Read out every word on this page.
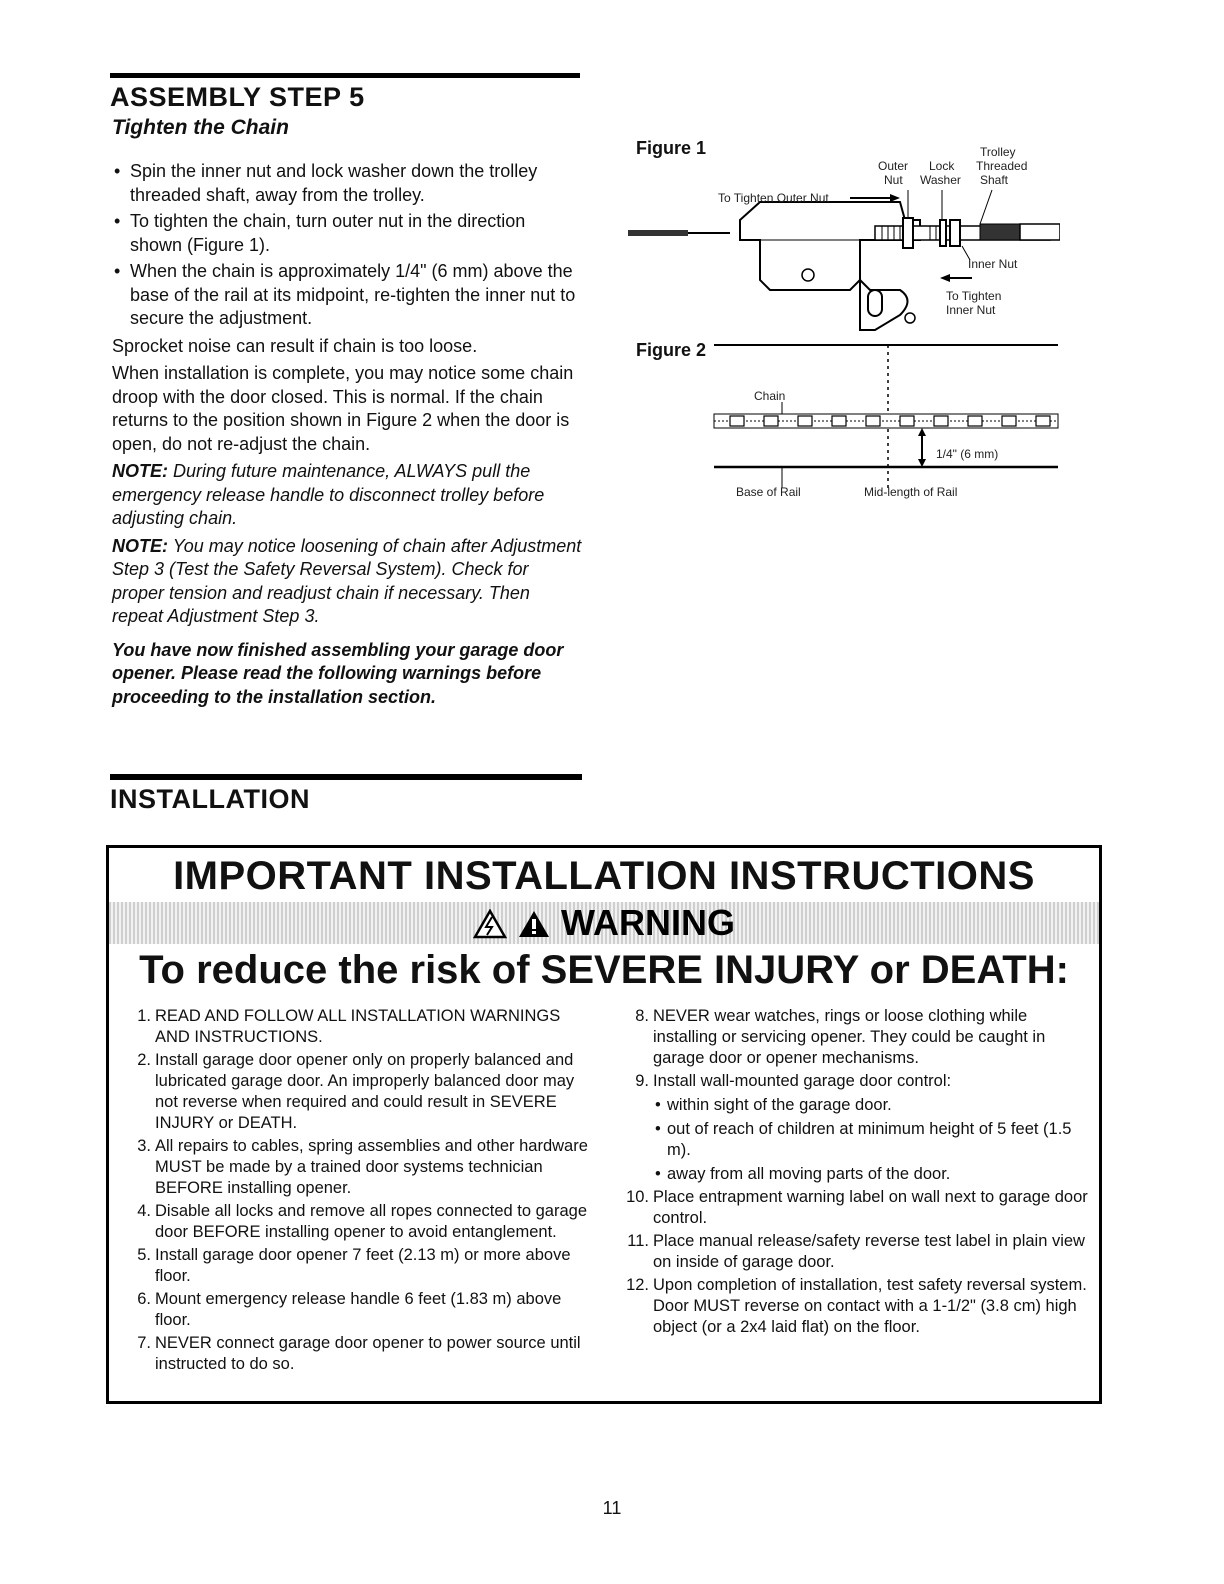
ASSEMBLY STEP 5
Tighten the Chain
• Spin the inner nut and lock washer down the trolley threaded shaft, away from the trolley.
• To tighten the chain, turn outer nut in the direction shown (Figure 1).
• When the chain is approximately 1/4" (6 mm) above the base of the rail at its midpoint, re-tighten the inner nut to secure the adjustment.

Sprocket noise can result if chain is too loose.

When installation is complete, you may notice some chain droop with the door closed. This is normal. If the chain returns to the position shown in Figure 2 when the door is open, do not re-adjust the chain.

NOTE: During future maintenance, ALWAYS pull the emergency release handle to disconnect trolley before adjusting chain.

NOTE: You may notice loosening of chain after Adjustment Step 3 (Test the Safety Reversal System). Check for proper tension and readjust chain if necessary. Then repeat Adjustment Step 3.

You have now finished assembling your garage door opener. Please read the following warnings before proceeding to the installation section.

Figure 1	Trolley
Threaded
Shaft
Outer
Nut
Lock
Washer
To Tighten Outer Nut
Inner Nut
To Tighten
Inner Nut
Figure 2
Chain
1/4" (6 mm)
Base of Rail	Mid-length of Rail
INSTALLATION
IMPORTANT INSTALLATION INSTRUCTIONS
WARNING
To reduce the risk of SEVERE INJURY or DEATH:
1. READ AND FOLLOW ALL INSTALLATION WARNINGS AND INSTRUCTIONS.
2. Install garage door opener only on properly balanced and lubricated garage door. An improperly balanced door may not reverse when required and could result in SEVERE INJURY or DEATH.
3. All repairs to cables, spring assemblies and other hardware MUST be made by a trained door systems technician BEFORE installing opener.
4. Disable all locks and remove all ropes connected to garage door BEFORE installing opener to avoid entanglement.
5. Install garage door opener 7 feet (2.13 m) or more above floor.
6. Mount emergency release handle 6 feet (1.83 m) above floor.
7. NEVER connect garage door opener to power source until instructed to do so.
8. NEVER wear watches, rings or loose clothing while installing or servicing opener. They could be caught in garage door or opener mechanisms.
9. Install wall-mounted garage door control:
• within sight of the garage door.
• out of reach of children at minimum height of 5 feet (1.5 m).
• away from all moving parts of the door.
10. Place entrapment warning label on wall next to garage door control.
11. Place manual release/safety reverse test label in plain view on inside of garage door.
12. Upon completion of installation, test safety reversal system. Door MUST reverse on contact with a 1-1/2" (3.8 cm) high object (or a 2x4 laid flat) on the floor.
11
